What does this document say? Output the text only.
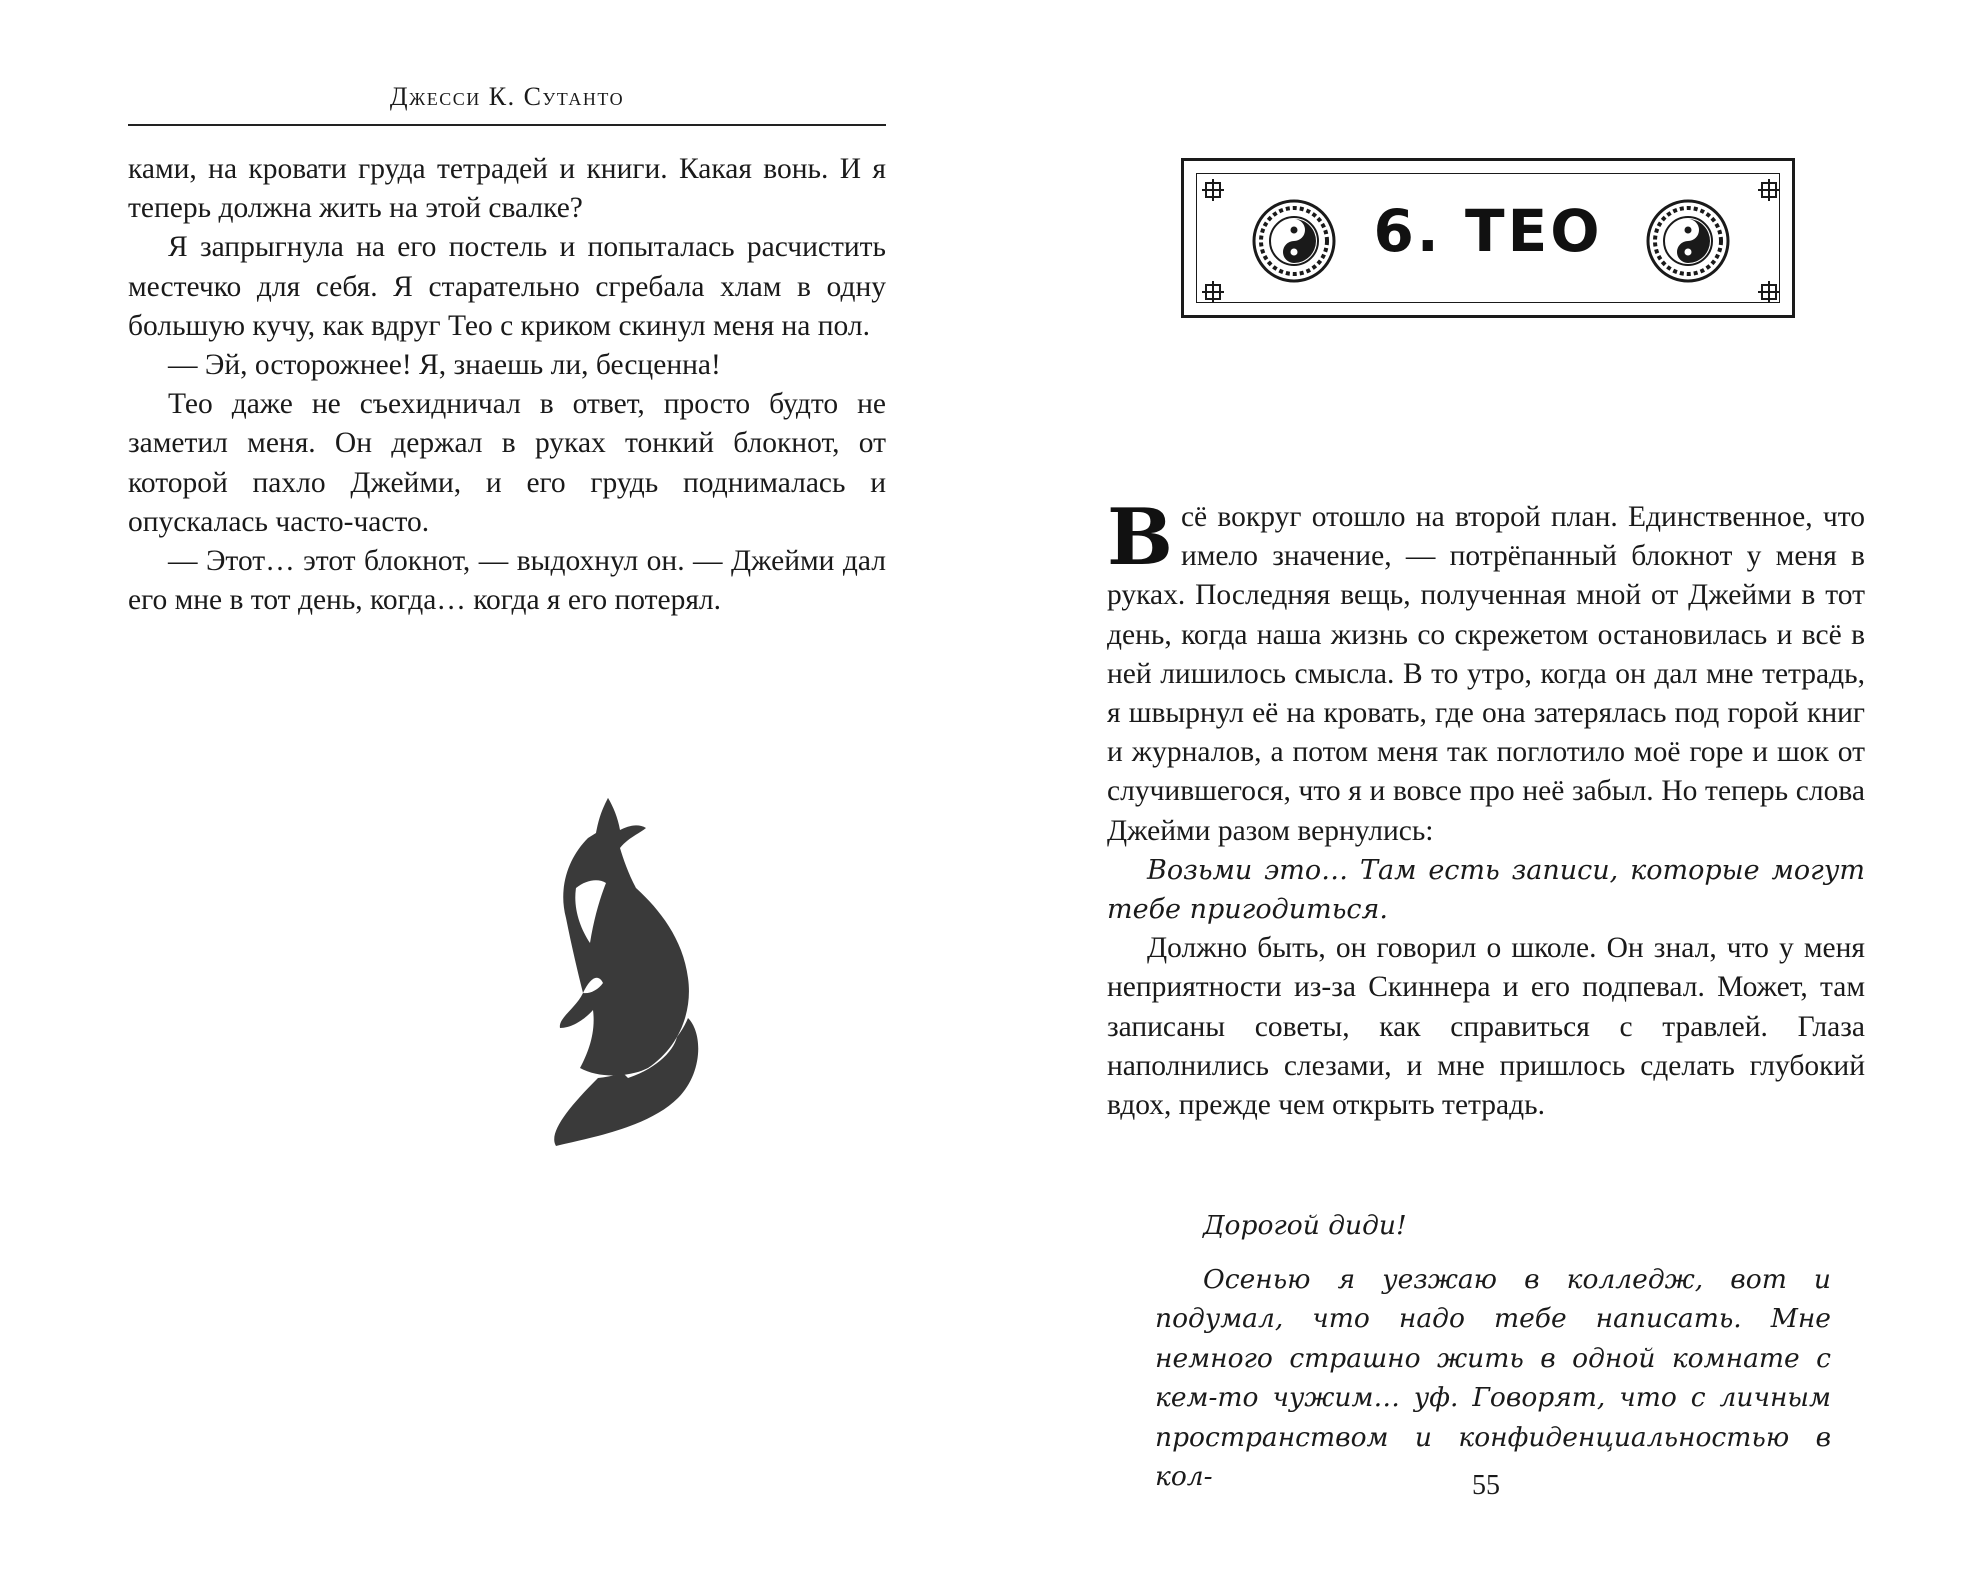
Джесси К. Сутанто

ками, на кровати груда тетрадей и книги. Какая вонь. И я теперь должна жить на этой свалке?

Я запрыгнула на его постель и попыталась расчистить местечко для себя. Я старательно сгребала хлам в одну большую кучу, как вдруг Тео с криком скинул меня на пол.

— Эй, осторожнее! Я, знаешь ли, бесценна!

Тео даже не съехидничал в ответ, просто будто не заметил меня. Он держал в руках тонкий блокнот, от которой пахло Джейми, и его грудь поднималась и опускалась часто-часто.

— Этот… этот блокнот, — выдохнул он. — Джейми дал его мне в тот день, когда… когда я его потерял.

6. ТЕО

Всё вокруг отошло на второй план. Единственное, что имело значение, — потрёпанный блокнот у меня в руках. Последняя вещь, полученная мной от Джейми в тот день, когда наша жизнь со скрежетом остановилась и всё в ней лишилось смысла. В то утро, когда он дал мне тетрадь, я швырнул её на кровать, где она затерялась под горой книг и журналов, а потом меня так поглотило моё горе и шок от случившегося, что я и вовсе про неё забыл. Но теперь слова Джейми разом вернулись:

Возьми это… Там есть записи, которые могут тебе пригодиться.

Должно быть, он говорил о школе. Он знал, что у меня неприятности из-за Скиннера и его подпевал. Может, там записаны советы, как справиться с травлей. Глаза наполнились слезами, и мне пришлось сделать глубокий вдох, прежде чем открыть тетрадь.

Дорогой диди!

Осенью я уезжаю в колледж, вот и подумал, что надо тебе написать. Мне немного страшно жить в одной комнате с кем-то чужим… уф. Говорят, что с личным пространством и конфиденциальностью в кол-	55
